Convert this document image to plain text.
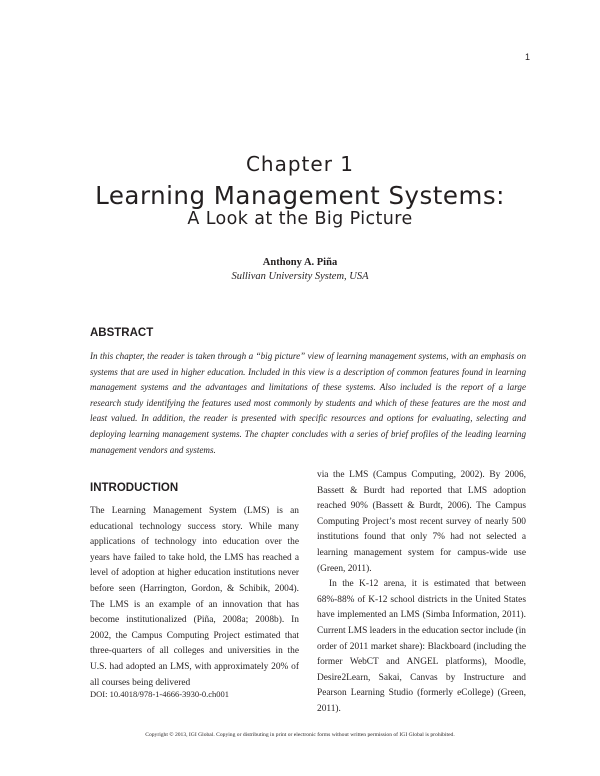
1
Chapter 1
Learning Management Systems:
A Look at the Big Picture
Anthony A. Piña
Sullivan University System, USA
ABSTRACT

In this chapter, the reader is taken through a “big picture” view of learning management systems, with an emphasis on systems that are used in higher education. Included in this view is a description of common features found in learning management systems and the advantages and limitations of these systems. Also included is the report of a large research study identifying the features used most commonly by students and which of these features are the most and least valued. In addition, the reader is presented with specific resources and options for evaluating, selecting and deploying learning management systems. The chapter concludes with a series of brief profiles of the leading learning management vendors and systems.

INTRODUCTION

The Learning Management System (LMS) is an educational technology success story. While many applications of technology into education over the years have failed to take hold, the LMS has reached a level of adoption at higher education institutions never before seen (Harrington, Gordon, & Schibik, 2004). The LMS is an example of an innovation that has become institutionalized (Piña, 2008a; 2008b). In 2002, the Campus Computing Project estimated that three-quarters of all colleges and universities in the U.S. had adopted an LMS, with approximately 20% of all courses being delivered

via the LMS (Campus Computing, 2002). By 2006, Bassett & Burdt had reported that LMS adoption reached 90% (Bassett & Burdt, 2006). The Campus Computing Project’s most recent survey of nearly 500 institutions found that only 7% had not selected a learning management system for campus-wide use (Green, 2011).

In the K-12 arena, it is estimated that between 68%-88% of K-12 school districts in the United States have implemented an LMS (Simba Information, 2011). Current LMS leaders in the education sector include (in order of 2011 market share): Blackboard (including the former WebCT and ANGEL platforms), Moodle, Desire2Learn, Sakai, Canvas by Instructure and Pearson Learning Studio (formerly eCollege) (Green, 2011).

DOI: 10.4018/978-1-4666-3930-0.ch001
Copyright © 2013, IGI Global. Copying or distributing in print or electronic forms without written permission of IGI Global is prohibited.
